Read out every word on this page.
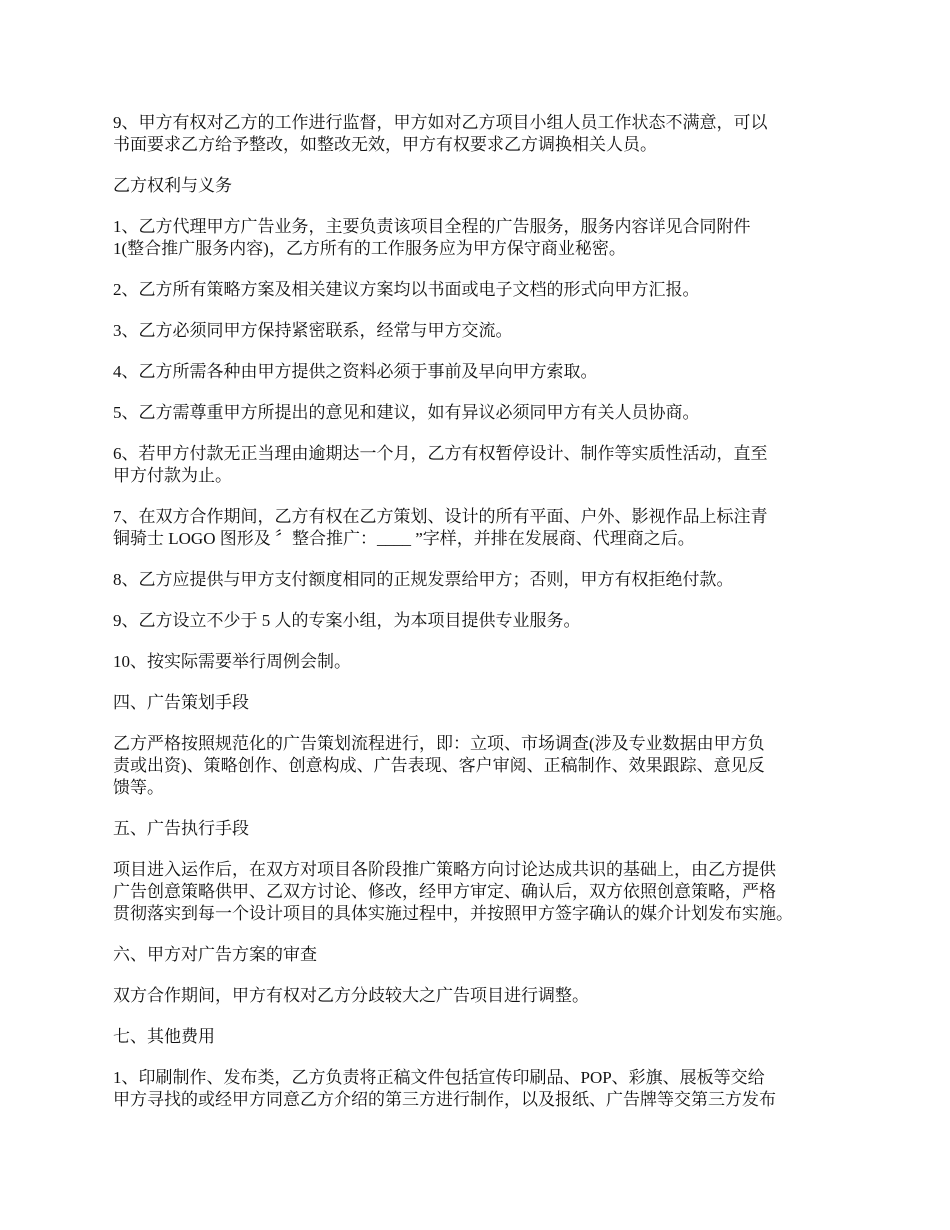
9、甲方有权对乙方的工作进行监督，甲方如对乙方项目小组人员工作状态不满意，可以
书面要求乙方给予整改，如整改无效，甲方有权要求乙方调换相关人员。

乙方权利与义务

1、乙方代理甲方广告业务，主要负责该项目全程的广告服务，服务内容详见合同附件
1(整合推广服务内容)，乙方所有的工作服务应为甲方保守商业秘密。

2、乙方所有策略方案及相关建议方案均以书面或电子文档的形式向甲方汇报。

3、乙方必须同甲方保持紧密联系，经常与甲方交流。

4、乙方所需各种由甲方提供之资料必须于事前及早向甲方索取。

5、乙方需尊重甲方所提出的意见和建议，如有异议必须同甲方有关人员协商。

6、若甲方付款无正当理由逾期达一个月，乙方有权暂停设计、制作等实质性活动，直至
甲方付款为止。

7、在双方合作期间，乙方有权在乙方策划、设计的所有平面、户外、影视作品上标注青
铜骑士 LOGO 图形及 〞整合推广：____ ”字样，并排在发展商、代理商之后。

8、乙方应提供与甲方支付额度相同的正规发票给甲方；否则，甲方有权拒绝付款。

9、乙方设立不少于 5 人的专案小组，为本项目提供专业服务。

10、按实际需要举行周例会制。

四、广告策划手段

乙方严格按照规范化的广告策划流程进行，即：立项、市场调查(涉及专业数据由甲方负
责或出资)、策略创作、创意构成、广告表现、客户审阅、正稿制作、效果跟踪、意见反
馈等。

五、广告执行手段

项目进入运作后，在双方对项目各阶段推广策略方向讨论达成共识的基础上，由乙方提供
广告创意策略供甲、乙双方讨论、修改，经甲方审定、确认后，双方依照创意策略，严格
贯彻落实到每一个设计项目的具体实施过程中，并按照甲方签字确认的媒介计划发布实施。

六、甲方对广告方案的审查

双方合作期间，甲方有权对乙方分歧较大之广告项目进行调整。

七、其他费用

1、印刷制作、发布类，乙方负责将正稿文件包括宣传印刷品、POP、彩旗、展板等交给
甲方寻找的或经甲方同意乙方介绍的第三方进行制作，以及报纸、广告牌等交第三方发布
